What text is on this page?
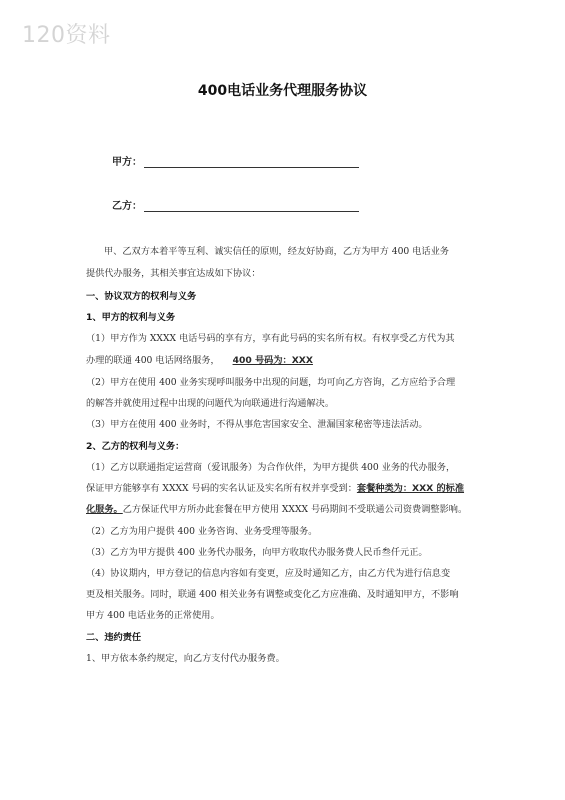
120资料
400电话业务代理服务协议
甲方：
乙方：
甲、乙双方本着平等互利、诚实信任的原则，经友好协商，乙方为甲方 400 电话业务
提供代办服务，其相关事宜达成如下协议：
一、协议双方的权利与义务
1、甲方的权利与义务
（1）甲方作为 XXXX 电话号码的享有方，享有此号码的实名所有权。有权享受乙方代为其
办理的联通 400 电话网络服务， 400 号码为：XXX
（2）甲方在使用 400 业务实现呼叫服务中出现的问题，均可向乙方咨询，乙方应给予合理
的解答并就使用过程中出现的问题代为向联通进行沟通解决。
（3）甲方在使用 400 业务时，不得从事危害国家安全、泄漏国家秘密等违法活动。
2、乙方的权利与义务：
（1）乙方以联通指定运营商（爱讯服务）为合作伙伴，为甲方提供 400 业务的代办服务，
保证甲方能够享有 XXXX 号码的实名认证及实名所有权并享受到：套餐种类为：XXX 的标准
化服务。乙方保证代甲方所办此套餐在甲方使用 XXXX 号码期间不受联通公司资费调整影响。
（2）乙方为用户提供 400 业务咨询、业务受理等服务。
（3）乙方为甲方提供 400 业务代办服务，向甲方收取代办服务费人民币叁仟元正。
（4）协议期内，甲方登记的信息内容如有变更，应及时通知乙方，由乙方代为进行信息变
更及相关服务。同时，联通 400 相关业务有调整或变化乙方应准确、及时通知甲方，不影响
甲方 400 电话业务的正常使用。
二、违约责任
1、甲方依本条约规定，向乙方支付代办服务费。
